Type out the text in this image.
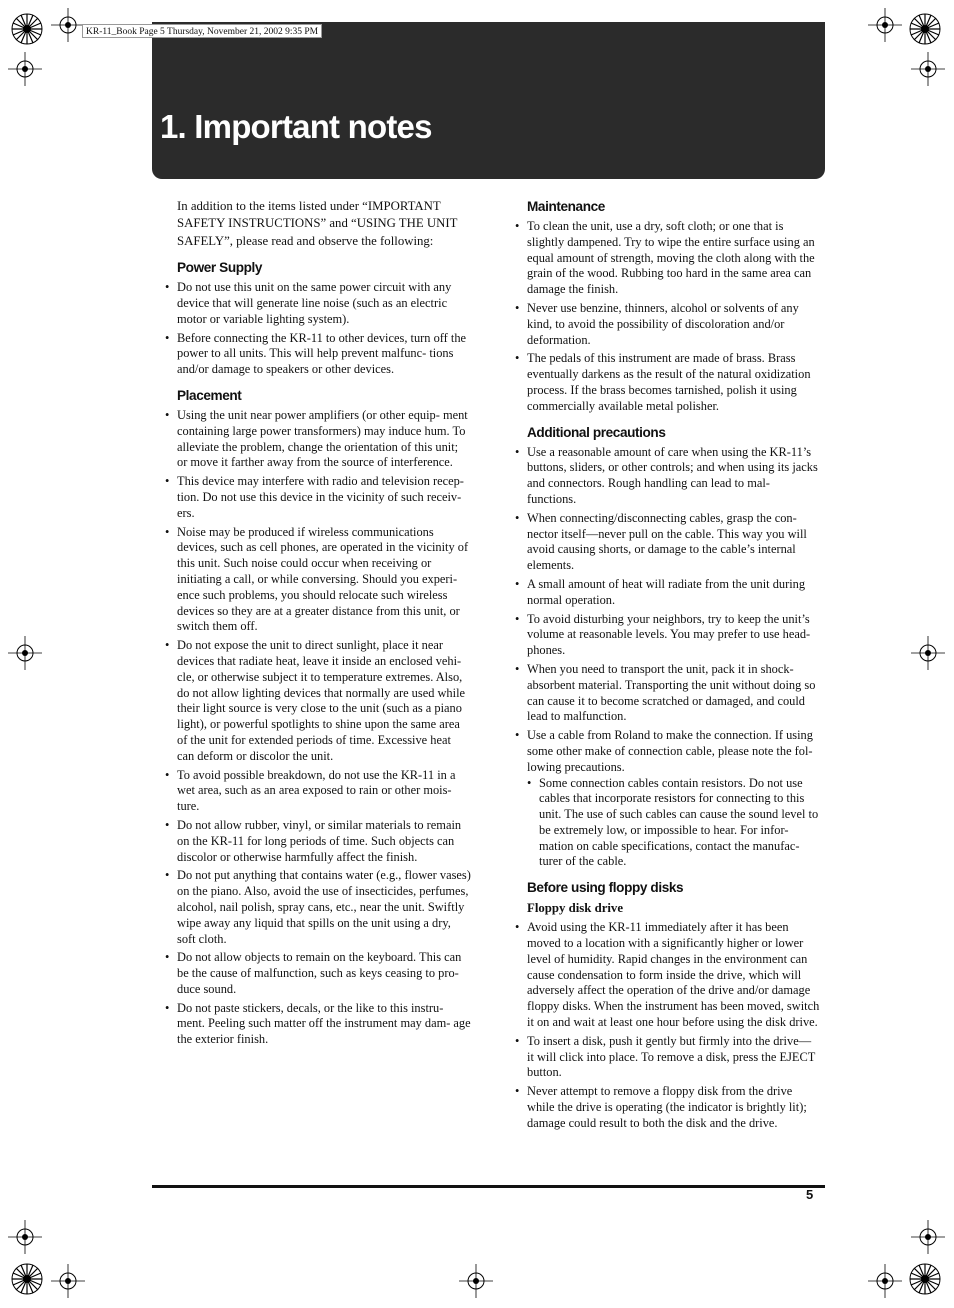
1. Important notes
KR-11_Book Page 5 Thursday, November 21, 2002 9:35 PM

In addition to the items listed under “IMPORTANT SAFETY INSTRUCTIONS” and “USING THE UNIT SAFELY”, please read and observe the following:

Power Supply
• Do not use this unit on the same power circuit with any device that will generate line noise (such as an electric motor or variable lighting system).
• Before connecting the KR-11 to other devices, turn off the power to all units. This will help prevent malfunc- tions and/or damage to speakers or other devices.
Placement
• Using the unit near power amplifiers (or other equip- ment containing large power transformers) may induce hum. To alleviate the problem, change the orientation of this unit; or move it farther away from the source of interference.
• This device may interfere with radio and television recep- tion. Do not use this device in the vicinity of such receiv- ers.
• Noise may be produced if wireless communications devices, such as cell phones, are operated in the vicinity of this unit. Such noise could occur when receiving or initiating a call, or while conversing. Should you experi- ence such problems, you should relocate such wireless devices so they are at a greater distance from this unit, or switch them off.
• Do not expose the unit to direct sunlight, place it near devices that radiate heat, leave it inside an enclosed vehi- cle, or otherwise subject it to temperature extremes. Also, do not allow lighting devices that normally are used while their light source is very close to the unit (such as a piano light), or powerful spotlights to shine upon the same area of the unit for extended periods of time. Excessive heat can deform or discolor the unit.
• To avoid possible breakdown, do not use the KR-11 in a wet area, such as an area exposed to rain or other mois- ture.
• Do not allow rubber, vinyl, or similar materials to remain on the KR-11 for long periods of time. Such objects can discolor or otherwise harmfully affect the finish.
• Do not put anything that contains water (e.g., flower vases) on the piano. Also, avoid the use of insecticides, perfumes, alcohol, nail polish, spray cans, etc., near the unit. Swiftly wipe away any liquid that spills on the unit using a dry, soft cloth.
• Do not allow objects to remain on the keyboard. This can be the cause of malfunction, such as keys ceasing to pro- duce sound.
• Do not paste stickers, decals, or the like to this instru- ment. Peeling such matter off the instrument may dam- age the exterior finish.
Maintenance
• To clean the unit, use a dry, soft cloth; or one that is slightly dampened. Try to wipe the entire surface using an equal amount of strength, moving the cloth along with the grain of the wood. Rubbing too hard in the same area can damage the finish.
• Never use benzine, thinners, alcohol or solvents of any kind, to avoid the possibility of discoloration and/or deformation.
• The pedals of this instrument are made of brass. Brass eventually darkens as the result of the natural oxidization process. If the brass becomes tarnished, polish it using commercially available metal polisher.
Additional precautions
• Use a reasonable amount of care when using the KR-11’s buttons, sliders, or other controls; and when using its jacks and connectors. Rough handling can lead to mal- functions.
• When connecting/disconnecting cables, grasp the con- nector itself—never pull on the cable. This way you will avoid causing shorts, or damage to the cable’s internal elements.
• A small amount of heat will radiate from the unit during normal operation.
• To avoid disturbing your neighbors, try to keep the unit’s volume at reasonable levels. You may prefer to use head- phones.
• When you need to transport the unit, pack it in shock- absorbent material. Transporting the unit without doing so can cause it to become scratched or damaged, and could lead to malfunction.
• Use a cable from Roland to make the connection. If using some other make of connection cable, please note the fol- lowing precautions.
• Some connection cables contain resistors. Do not use cables that incorporate resistors for connecting to this unit. The use of such cables can cause the sound level to be extremely low, or impossible to hear. For infor- mation on cable specifications, contact the manufac- turer of the cable.
Before using floppy disks
Floppy disk drive
• Avoid using the KR-11 immediately after it has been moved to a location with a significantly higher or lower level of humidity. Rapid changes in the environment can cause condensation to form inside the drive, which will adversely affect the operation of the drive and/or damage floppy disks. When the instrument has been moved, switch it on and wait at least one hour before using the disk drive.
• To insert a disk, push it gently but firmly into the drive— it will click into place. To remove a disk, press the EJECT button.
• Never attempt to remove a floppy disk from the drive while the drive is operating (the indicator is brightly lit); damage could result to both the disk and the drive.
5
